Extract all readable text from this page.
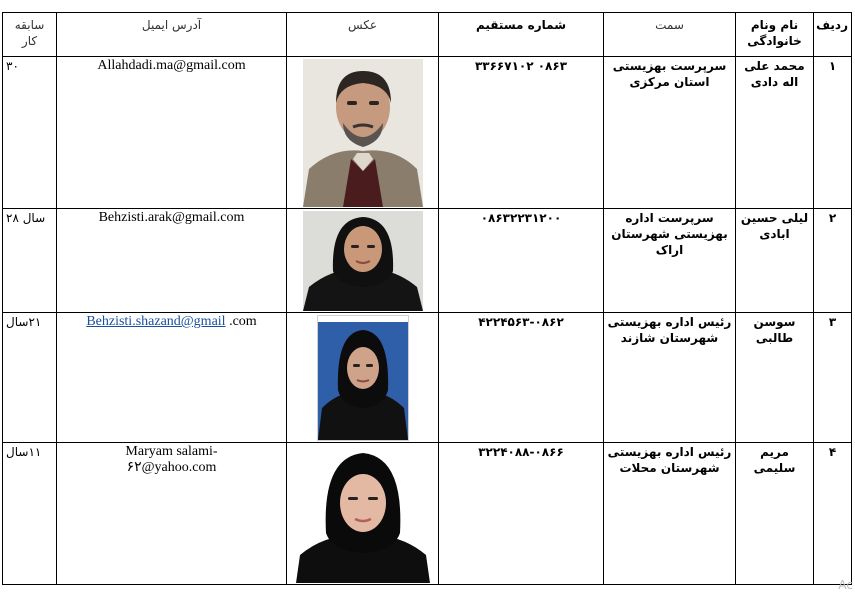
ردیف	نام ونام خانوادگی	سمت	شماره مستقیم	عکس	آدرس ایمیل	سابقه کار
۱	محمد علی اله دادی	سرپرست بهزیستی استان مرکزی	۰۸۶۳ ۳۳۶۶۷۱۰۲		Allahdadi.ma@gmail.com	۳۰
۲	لیلی حسین ابادی	سرپرست اداره بهزیستی شهرستان اراک	۰۸۶۳۲۲۳۱۲۰۰		Behzisti.arak@gmail.com	سال ۲۸
۳	سوسن طالبی	رئیس اداره بهزیستی شهرستان شازند	۴۲۲۴۵۶۳-۰۸۶۲		Behzisti.shazand@gmail .com	۲۱سال
۴	مریم سلیمی	رئیس اداره بهزیستی شهرستان محلات	۳۲۲۴۰۸۸-۰۸۶۶		Maryam salami-
۶۲@yahoo.com	۱۱سال
Ac
